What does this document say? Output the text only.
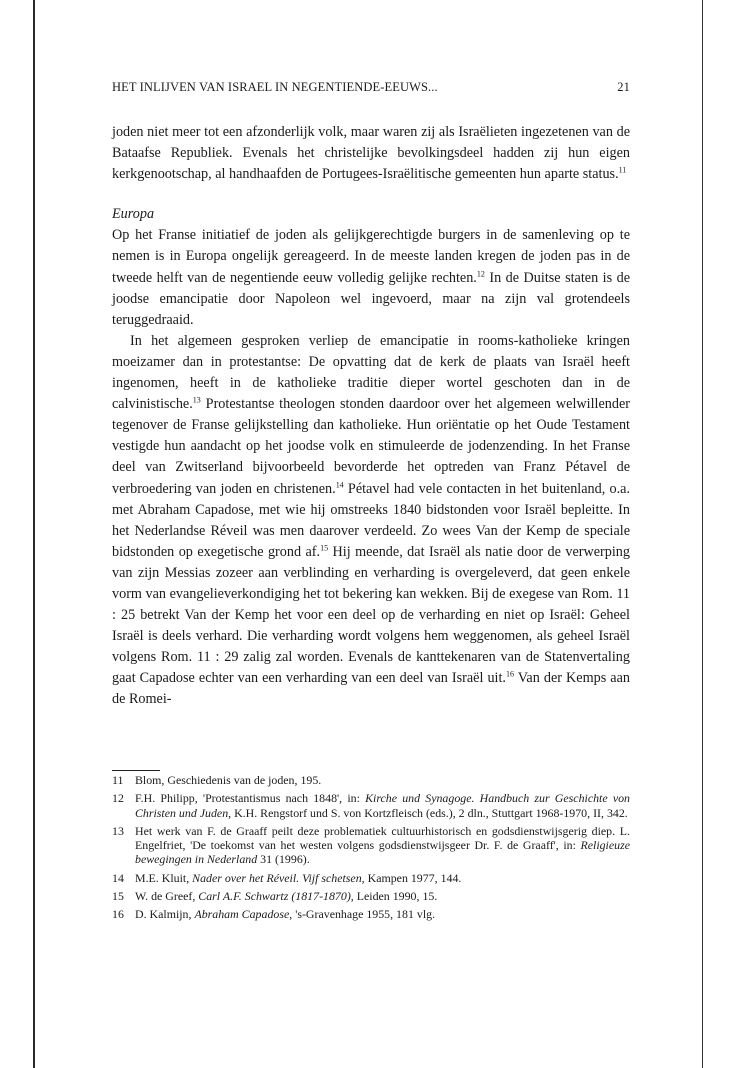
HET INLIJVEN VAN ISRAEL IN NEGENTIENDE-EEUWS...	21

joden niet meer tot een afzonderlijk volk, maar waren zij als Israëlieten ingezetenen van de Bataafse Republiek. Evenals het christelijke bevolkingsdeel hadden zij hun eigen kerkgenootschap, al handhaafden de Portugees-Israëlitische gemeenten hun aparte status.$^{11}$

Europa

Op het Franse initiatief de joden als gelijkgerechtigde burgers in de samenleving op te nemen is in Europa ongelijk gereageerd. In de meeste landen kregen de joden pas in de tweede helft van de negentiende eeuw volledig gelijke rechten.$^{12}$ In de Duitse staten is de joodse emancipatie door Napoleon wel ingevoerd, maar na zijn val grotendeels teruggedraaid.

In het algemeen gesproken verliep de emancipatie in rooms-katholieke kringen moeizamer dan in protestantse: De opvatting dat de kerk de plaats van Israël heeft ingenomen, heeft in de katholieke traditie dieper wortel geschoten dan in de calvinistische.$^{13}$ Protestantse theologen stonden daardoor over het algemeen welwillender tegenover de Franse gelijkstelling dan katholieke. Hun oriëntatie op het Oude Testament vestigde hun aandacht op het joodse volk en stimuleerde de jodenzending. In het Franse deel van Zwitserland bijvoorbeeld bevorderde het optreden van Franz Pétavel de verbroedering van joden en christenen.$^{14}$ Pétavel had vele contacten in het buitenland, o.a. met Abraham Capadose, met wie hij omstreeks 1840 bidstonden voor Israël bepleitte. In het Nederlandse Réveil was men daarover verdeeld. Zo wees Van der Kemp de speciale bidstonden op exegetische grond af.$^{15}$ Hij meende, dat Israël als natie door de verwerping van zijn Messias zozeer aan verblinding en verharding is overgeleverd, dat geen enkele vorm van evangelieverkondiging het tot bekering kan wekken. Bij de exegese van Rom. 11 : 25 betrekt Van der Kemp het voor een deel op de verharding en niet op Israël: Geheel Israël is deels verhard. Die verharding wordt volgens hem weggenomen, als geheel Israël volgens Rom. 11 : 29 zalig zal worden. Evenals de kanttekenaren van de Statenvertaling gaat Capadose echter van een verharding van een deel van Israël uit.$^{16}$ Van der Kemps aan de Romei-

11 Blom, Geschiedenis van de joden, 195.
12 F.H. Philipp, 'Protestantismus nach 1848', in: Kirche und Synagoge. Handbuch zur Geschichte von Christen und Juden, K.H. Rengstorf und S. von Kortzfleisch (eds.), 2 dln., Stuttgart 1968-1970, II, 342.
13 Het werk van F. de Graaff peilt deze problematiek cultuurhistorisch en godsdienstwijsgerig diep. L. Engelfriet, 'De toekomst van het westen volgens godsdienstwijsgeer Dr. F. de Graaff', in: Religieuze bewegingen in Nederland 31 (1996).
14 M.E. Kluit, Nader over het Réveil. Vijf schetsen, Kampen 1977, 144.
15 W. de Greef, Carl A.F. Schwartz (1817-1870), Leiden 1990, 15.
16 D. Kalmijn, Abraham Capadose, 's-Gravenhage 1955, 181 vlg.
